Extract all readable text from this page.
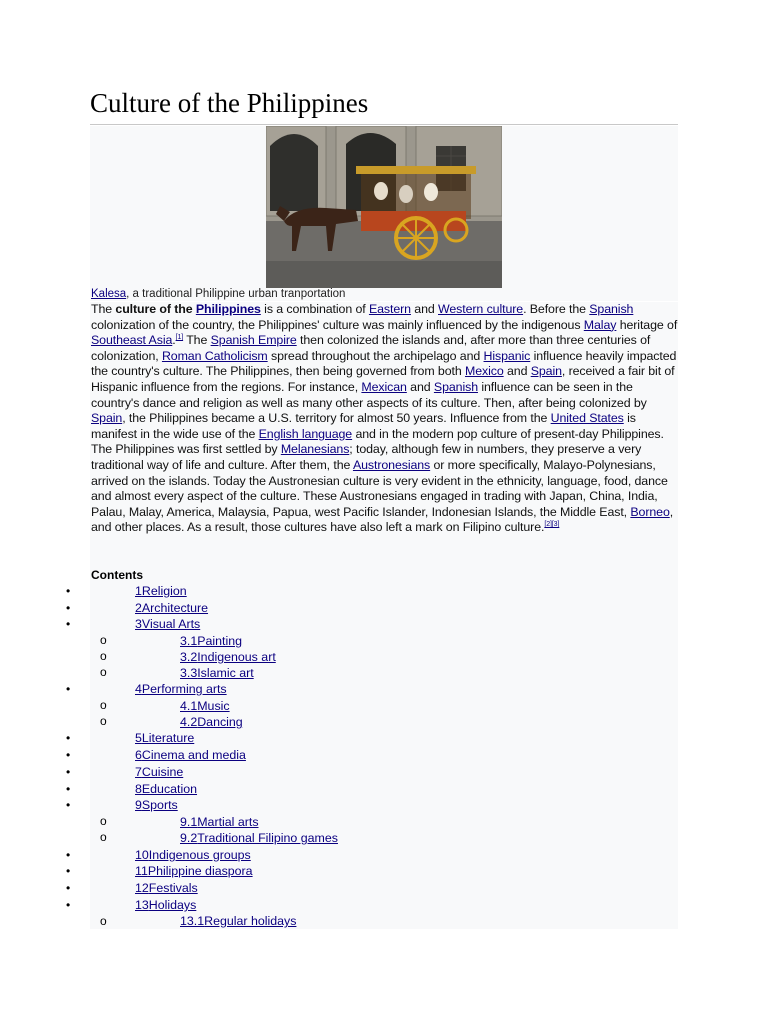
Culture of the Philippines
Kalesa, a traditional Philippine urban tranportation

The culture of the Philippines is a combination of Eastern and Western culture. Before the Spanish colonization of the country, the Philippines' culture was mainly influenced by the indigenous Malay heritage of Southeast Asia.[1] The Spanish Empire then colonized the islands and, after more than three centuries of colonization, Roman Catholicism spread throughout the archipelago and Hispanic influence heavily impacted the country's culture. The Philippines, then being governed from both Mexico and Spain, received a fair bit of Hispanic influence from the regions. For instance, Mexican and Spanish influence can be seen in the country's dance and religion as well as many other aspects of its culture. Then, after being colonized by Spain, the Philippines became a U.S. territory for almost 50 years. Influence from the United States is manifest in the wide use of the English language and in the modern pop culture of present-day Philippines. The Philippines was first settled by Melanesians; today, although few in numbers, they preserve a very traditional way of life and culture. After them, the Austronesians or more specifically, Malayo-Polynesians, arrived on the islands. Today the Austronesian culture is very evident in the ethnicity, language, food, dance and almost every aspect of the culture. These Austronesians engaged in trading with Japan, China, India, Palau, Malay, America, Malaysia, Papua, west Pacific Islander, Indonesian Islands, the Middle East, Borneo, and other places. As a result, those cultures have also left a mark on Filipino culture.[2][3]

Contents
•	1Religion
•	2Architecture
•	3Visual Arts
o	3.1Painting
o	3.2Indigenous art
o	3.3Islamic art
•	4Performing arts
o	4.1Music
o	4.2Dancing
•	5Literature
•	6Cinema and media
•	7Cuisine
•	8Education
•	9Sports
o	9.1Martial arts
o	9.2Traditional Filipino games
•	10Indigenous groups
•	11Philippine diaspora
•	12Festivals
•	13Holidays
o	13.1Regular holidays
